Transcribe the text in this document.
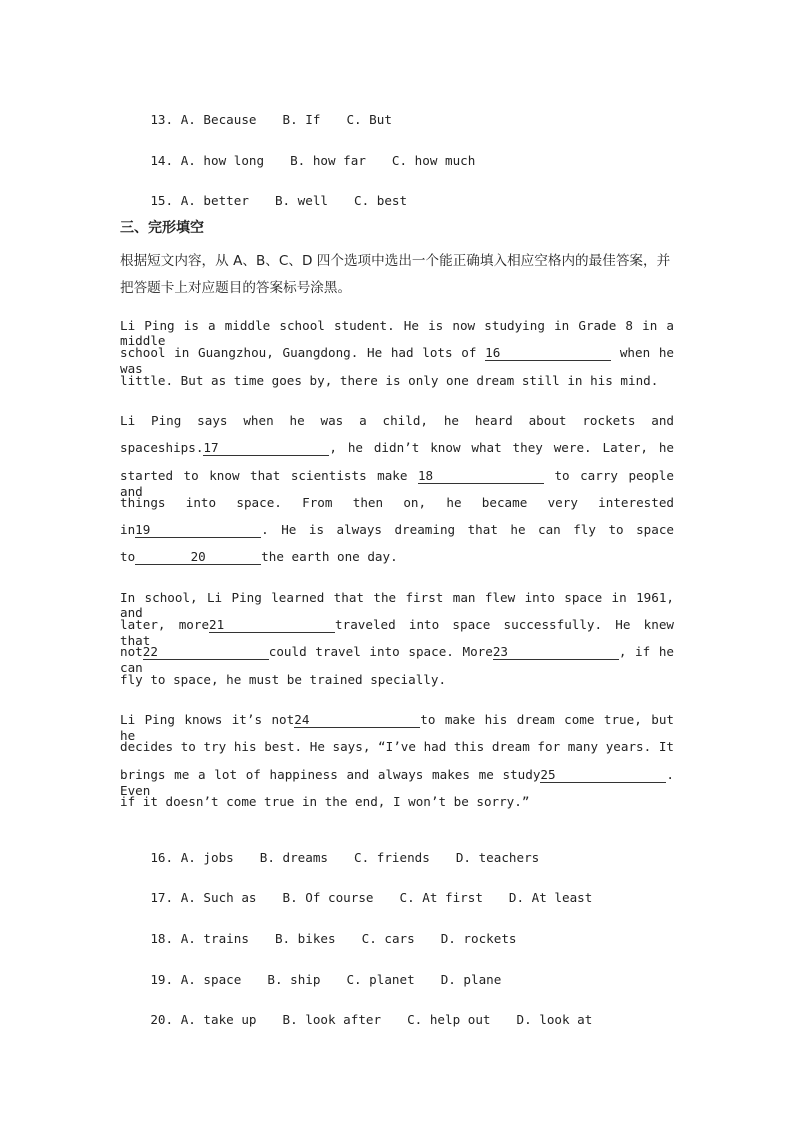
13. A. Because B. If C. But

14. A. how long B. how far C. how much

15. A. better B. well C. best

三、完形填空
根据短文内容，从 A、B、C、D 四个选项中选出一个能正确填入相应空格内的最佳答案，并
把答题卡上对应题目的答案标号涂黑。
Li Ping is a middle school student. He is now studying in Grade 8 in a middle
school in Guangzhou, Guangdong. He had lots of 16	when he was
little. But as time goes by, there is only one dream still in his mind.
Li Ping says when he was a child, he heard about rockets and
spaceships.17	, he didn’t know what they were. Later, he
started to know that scientists make 18	to carry people and
things into space. From then on, he became very interested
in19	. He is always dreaming that he can fly to space
to	20	the earth one day.
In school, Li Ping learned that the first man flew into space in 1961, and
later, more21	traveled into space successfully. He knew that
not22	could travel into space. More23	, if he can
fly to space, he must be trained specially.
Li Ping knows it’s not24	to make his dream come true, but he
decides to try his best. He says, “I’ve had this dream for many years. It
brings me a lot of happiness and always makes me study25	. Even
if it doesn’t come true in the end, I won’t be sorry.”

16. A. jobs B. dreams C. friends D. teachers

17. A. Such as B. Of course C. At first D. At least

18. A. trains B. bikes C. cars D. rockets

19. A. space B. ship C. planet D. plane

20. A. take up B. look after C. help out D. look at
